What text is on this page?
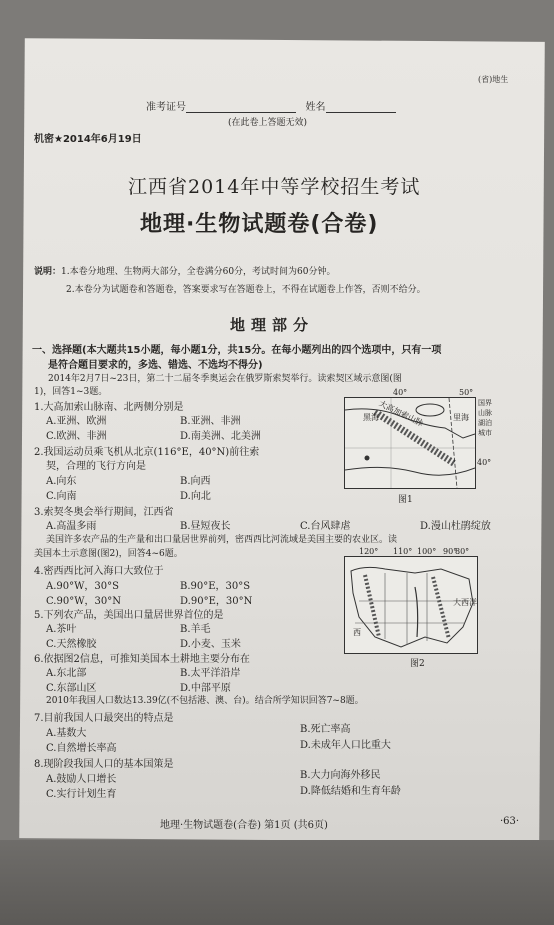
(省)地生
准考证号	姓名
(在此卷上答题无效)
机密★2014年6月19日
江西省2014年中等学校招生考试
地理·生物试题卷(合卷)
说明：1.本卷分地理、生物两大部分，全卷满分60分，考试时间为60分钟。
2.本卷分为试题卷和答题卷，答案要求写在答题卷上，不得在试题卷上作答，否则不给分。
地理部分
一、选择题(本大题共15小题，每小题1分，共15分。在每小题列出的四个选项中，只有一项
是符合题目要求的，多选、错选、不选均不得分)
2014年2月7日~23日，第二十二届冬季奥运会在俄罗斯索契举行。读索契区域示意图(图
1)，回答1~3题。
1.大高加索山脉南、北两侧分别是
A.亚洲、欧洲	B.亚洲、非洲
C.欧洲、非洲	D.南美洲、北美洲
2.我国运动员乘飞机从北京(116°E，40°N)前往索
契，合理的飞行方向是
A.向东	B.向西
C.向南	D.向北
黑海	里海
大高加索山脉
40°	50°
40°
国界
山脉
湖泊
城市
图1
3.索契冬奥会举行期间，江西省
A.高温多雨	B.昼短夜长	C.台风肆虐	D.漫山杜鹃绽放
美国许多农产品的生产量和出口量居世界前列，密西西比河流域是美国主要的农业区。读
美国本土示意图(图2)，回答4~6题。
4.密西西比河入海口大致位于
A.90°W，30°S	B.90°E，30°S
C.90°W，30°N	D.90°E，30°N
5.下列农产品，美国出口量居世界首位的是
A.茶叶	B.羊毛
C.天然橡胶	D.小麦、玉米
6.依据图2信息，可推知美国本土耕地主要分布在
A.东北部	B.太平洋沿岸
C.东部山区	D.中部平原
120° 110° 100° 90°
80°
西
大西洋
图2
2010年我国人口数达13.39亿(不包括港、澳、台)。结合所学知识回答7~8题。
7.目前我国人口最突出的特点是
A.基数大	B.死亡率高
C.自然增长率高	D.未成年人口比重大
8.现阶段我国人口的基本国策是
A.鼓励人口增长	B.大力向海外移民
C.实行计划生育	D.降低结婚和生育年龄
地理·生物试题卷(合卷) 第1页 (共6页)	·63·
